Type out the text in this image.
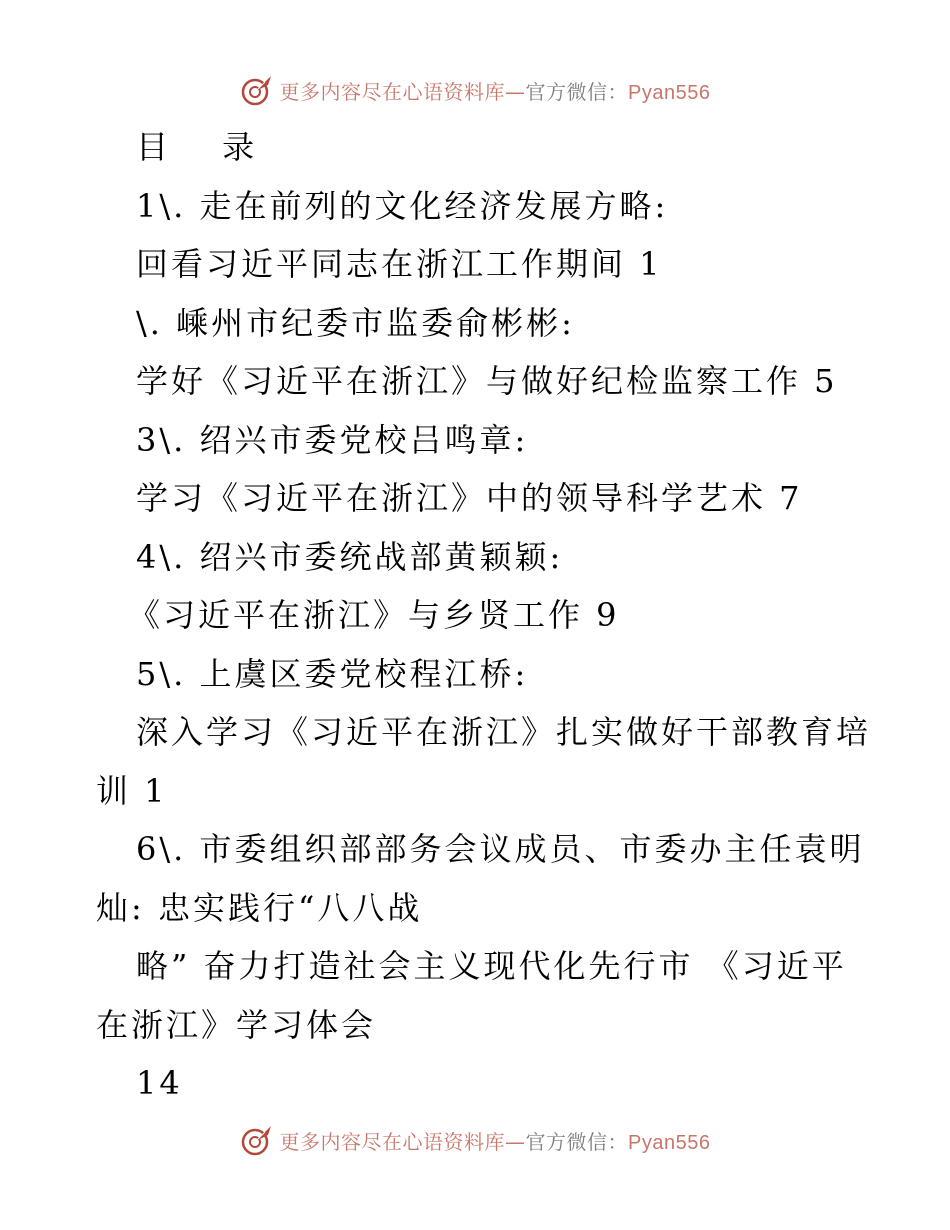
更多内容尽在心语资料库—官方微信：Pyan556
目 录
1\. 走在前列的文化经济发展方略:
回看习近平同志在浙江工作期间 1
\. 嵊州市纪委市监委俞彬彬:
学好《习近平在浙江》与做好纪检监察工作 5
3\. 绍兴市委党校吕鸣章:
学习《习近平在浙江》中的领导科学艺术 7
4\. 绍兴市委统战部黄颖颖:
《习近平在浙江》与乡贤工作 9
5\. 上虞区委党校程江桥:
深入学习《习近平在浙江》扎实做好干部教育培
训 1
6\. 市委组织部部务会议成员、市委办主任袁明
灿: 忠实践行“八八战
略” 奋力打造社会主义现代化先行市 《习近平
在浙江》学习体会
14
更多内容尽在心语资料库—官方微信：Pyan556
